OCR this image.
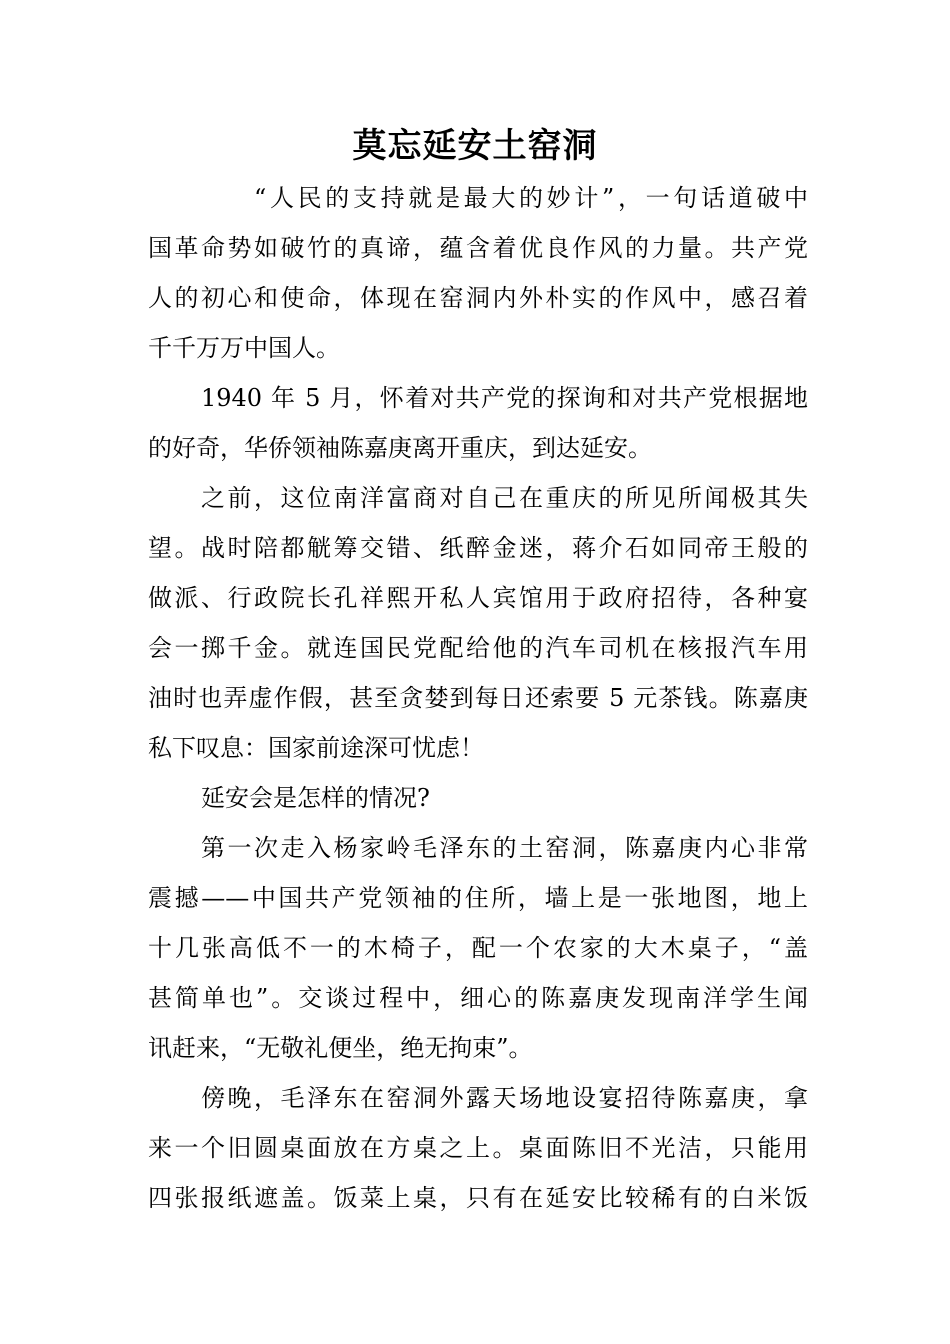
莫忘延安土窑洞
“人民的支持就是最大的妙计”，一句话道破中
国革命势如破竹的真谛，蕴含着优良作风的力量。共产党
人的初心和使命，体现在窑洞内外朴实的作风中，感召着
千千万万中国人。
1940 年 5 月，怀着对共产党的探询和对共产党根据地
的好奇，华侨领袖陈嘉庚离开重庆，到达延安。
之前，这位南洋富商对自己在重庆的所见所闻极其失
望。战时陪都觥筹交错、纸醉金迷，蒋介石如同帝王般的
做派、行政院长孔祥熙开私人宾馆用于政府招待，各种宴
会一掷千金。就连国民党配给他的汽车司机在核报汽车用
油时也弄虚作假，甚至贪婪到每日还索要 5 元茶钱。陈嘉庚
私下叹息：国家前途深可忧虑！
延安会是怎样的情况?
第一次走入杨家岭毛泽东的土窑洞，陈嘉庚内心非常
震撼——中国共产党领袖的住所，墙上是一张地图，地上
十几张高低不一的木椅子，配一个农家的大木桌子，“盖
甚简单也”。交谈过程中，细心的陈嘉庚发现南洋学生闻
讯赶来，“无敬礼便坐，绝无拘束”。
傍晚，毛泽东在窑洞外露天场地设宴招待陈嘉庚，拿
来一个旧圆桌面放在方桌之上。桌面陈旧不光洁，只能用
四张报纸遮盖。饭菜上桌，只有在延安比较稀有的白米饭
